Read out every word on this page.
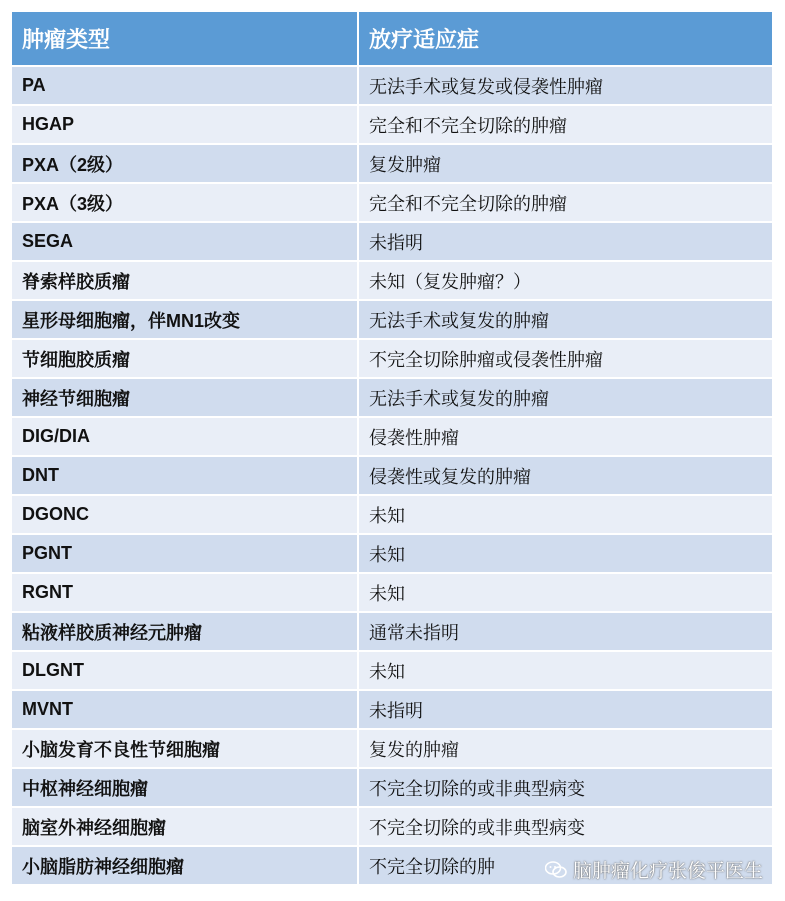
肿瘤类型	放疗适应症
PA	无法手术或复发或侵袭性肿瘤
HGAP	完全和不完全切除的肿瘤
PXA（2级）	复发肿瘤
PXA（3级）	完全和不完全切除的肿瘤
SEGA	未指明
脊索样胶质瘤	未知（复发肿瘤？）
星形母细胞瘤，伴MN1改变	无法手术或复发的肿瘤
节细胞胶质瘤	不完全切除肿瘤或侵袭性肿瘤
神经节细胞瘤	无法手术或复发的肿瘤
DIG/DIA	侵袭性肿瘤
DNT	侵袭性或复发的肿瘤
DGONC	未知
PGNT	未知
RGNT	未知
粘液样胶质神经元肿瘤	通常未指明
DLGNT	未知
MVNT	未指明
小脑发育不良性节细胞瘤	复发的肿瘤
中枢神经细胞瘤	不完全切除的或非典型病变
脑室外神经细胞瘤	不完全切除的或非典型病变
小脑脂肪神经细胞瘤	不完全切除的肿	脑肿瘤化疗张俊平医生
